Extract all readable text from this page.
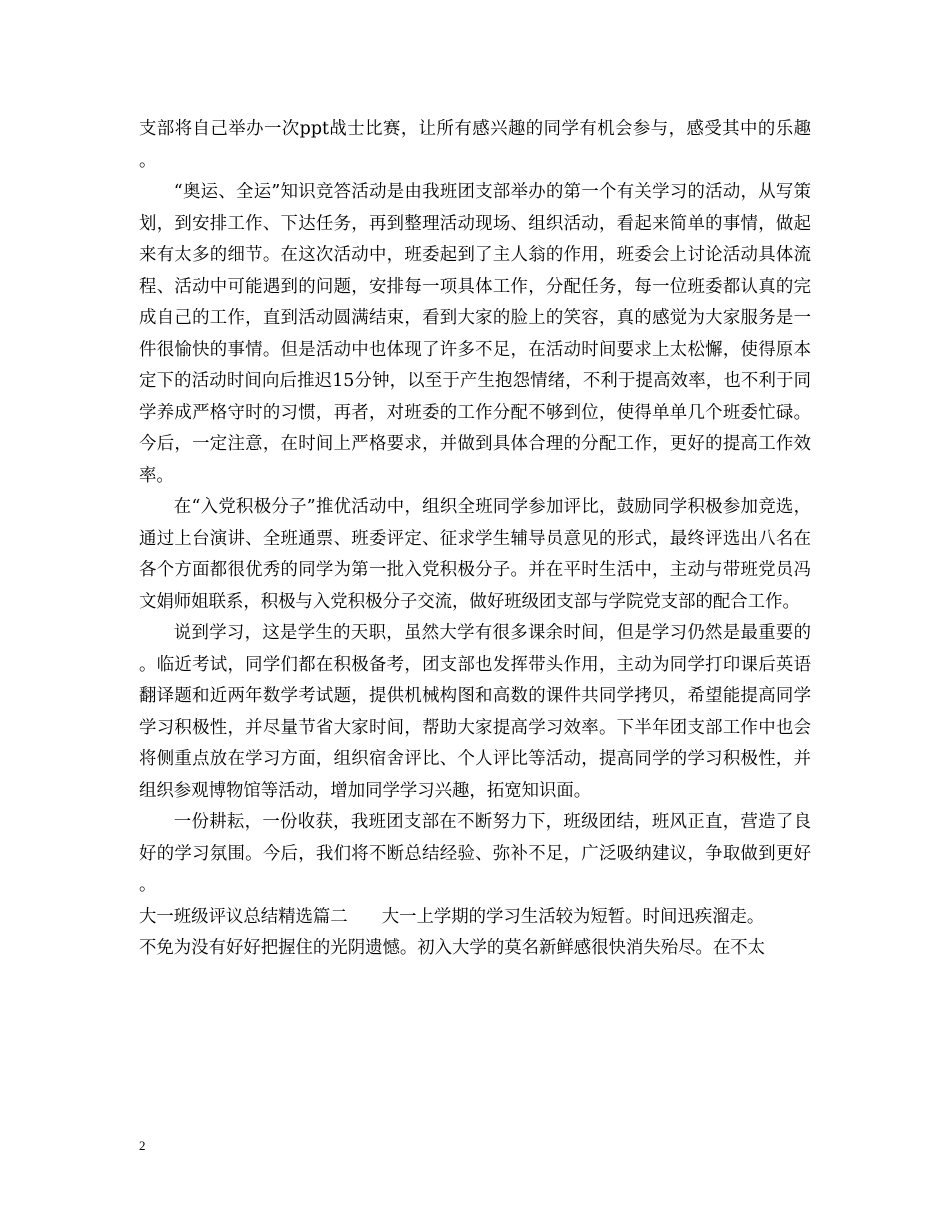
支部将自己举办一次ppt战士比赛，让所有感兴趣的同学有机会参与，感受其中的乐趣。

“奥运、全运”知识竞答活动是由我班团支部举办的第一个有关学习的活动，从写策划，到安排工作、下达任务，再到整理活动现场、组织活动，看起来简单的事情，做起来有太多的细节。在这次活动中，班委起到了主人翁的作用，班委会上讨论活动具体流程、活动中可能遇到的问题，安排每一项具体工作，分配任务，每一位班委都认真的完成自己的工作，直到活动圆满结束，看到大家的脸上的笑容，真的感觉为大家服务是一件很愉快的事情。但是活动中也体现了许多不足，在活动时间要求上太松懈，使得原本定下的活动时间向后推迟15分钟，以至于产生抱怨情绪，不利于提高效率，也不利于同学养成严格守时的习惯，再者，对班委的工作分配不够到位，使得单单几个班委忙碌。今后，一定注意，在时间上严格要求，并做到具体合理的分配工作，更好的提高工作效率。

在“入党积极分子”推优活动中，组织全班同学参加评比，鼓励同学积极参加竞选，通过上台演讲、全班通票、班委评定、征求学生辅导员意见的形式，最终评选出八名在各个方面都很优秀的同学为第一批入党积极分子。并在平时生活中，主动与带班党员冯文娟师姐联系，积极与入党积极分子交流，做好班级团支部与学院党支部的配合工作。

说到学习，这是学生的天职，虽然大学有很多课余时间，但是学习仍然是最重要的。临近考试，同学们都在积极备考，团支部也发挥带头作用，主动为同学打印课后英语翻译题和近两年数学考试题，提供机械构图和高数的课件共同学拷贝，希望能提高同学学习积极性，并尽量节省大家时间，帮助大家提高学习效率。下半年团支部工作中也会将侧重点放在学习方面，组织宿舍评比、个人评比等活动，提高同学的学习积极性，并组织参观博物馆等活动，增加同学学习兴趣，拓宽知识面。

一份耕耘，一份收获，我班团支部在不断努力下，班级团结，班风正直，营造了良好的学习氛围。今后，我们将不断总结经验、弥补不足，广泛吸纳建议，争取做到更好。

大一班级评议总结精选篇二 大一上学期的学习生活较为短暂。时间迅疾溜走。

不免为没有好好把握住的光阴遗憾。初入大学的莫名新鲜感很快消失殆尽。在不太

2
